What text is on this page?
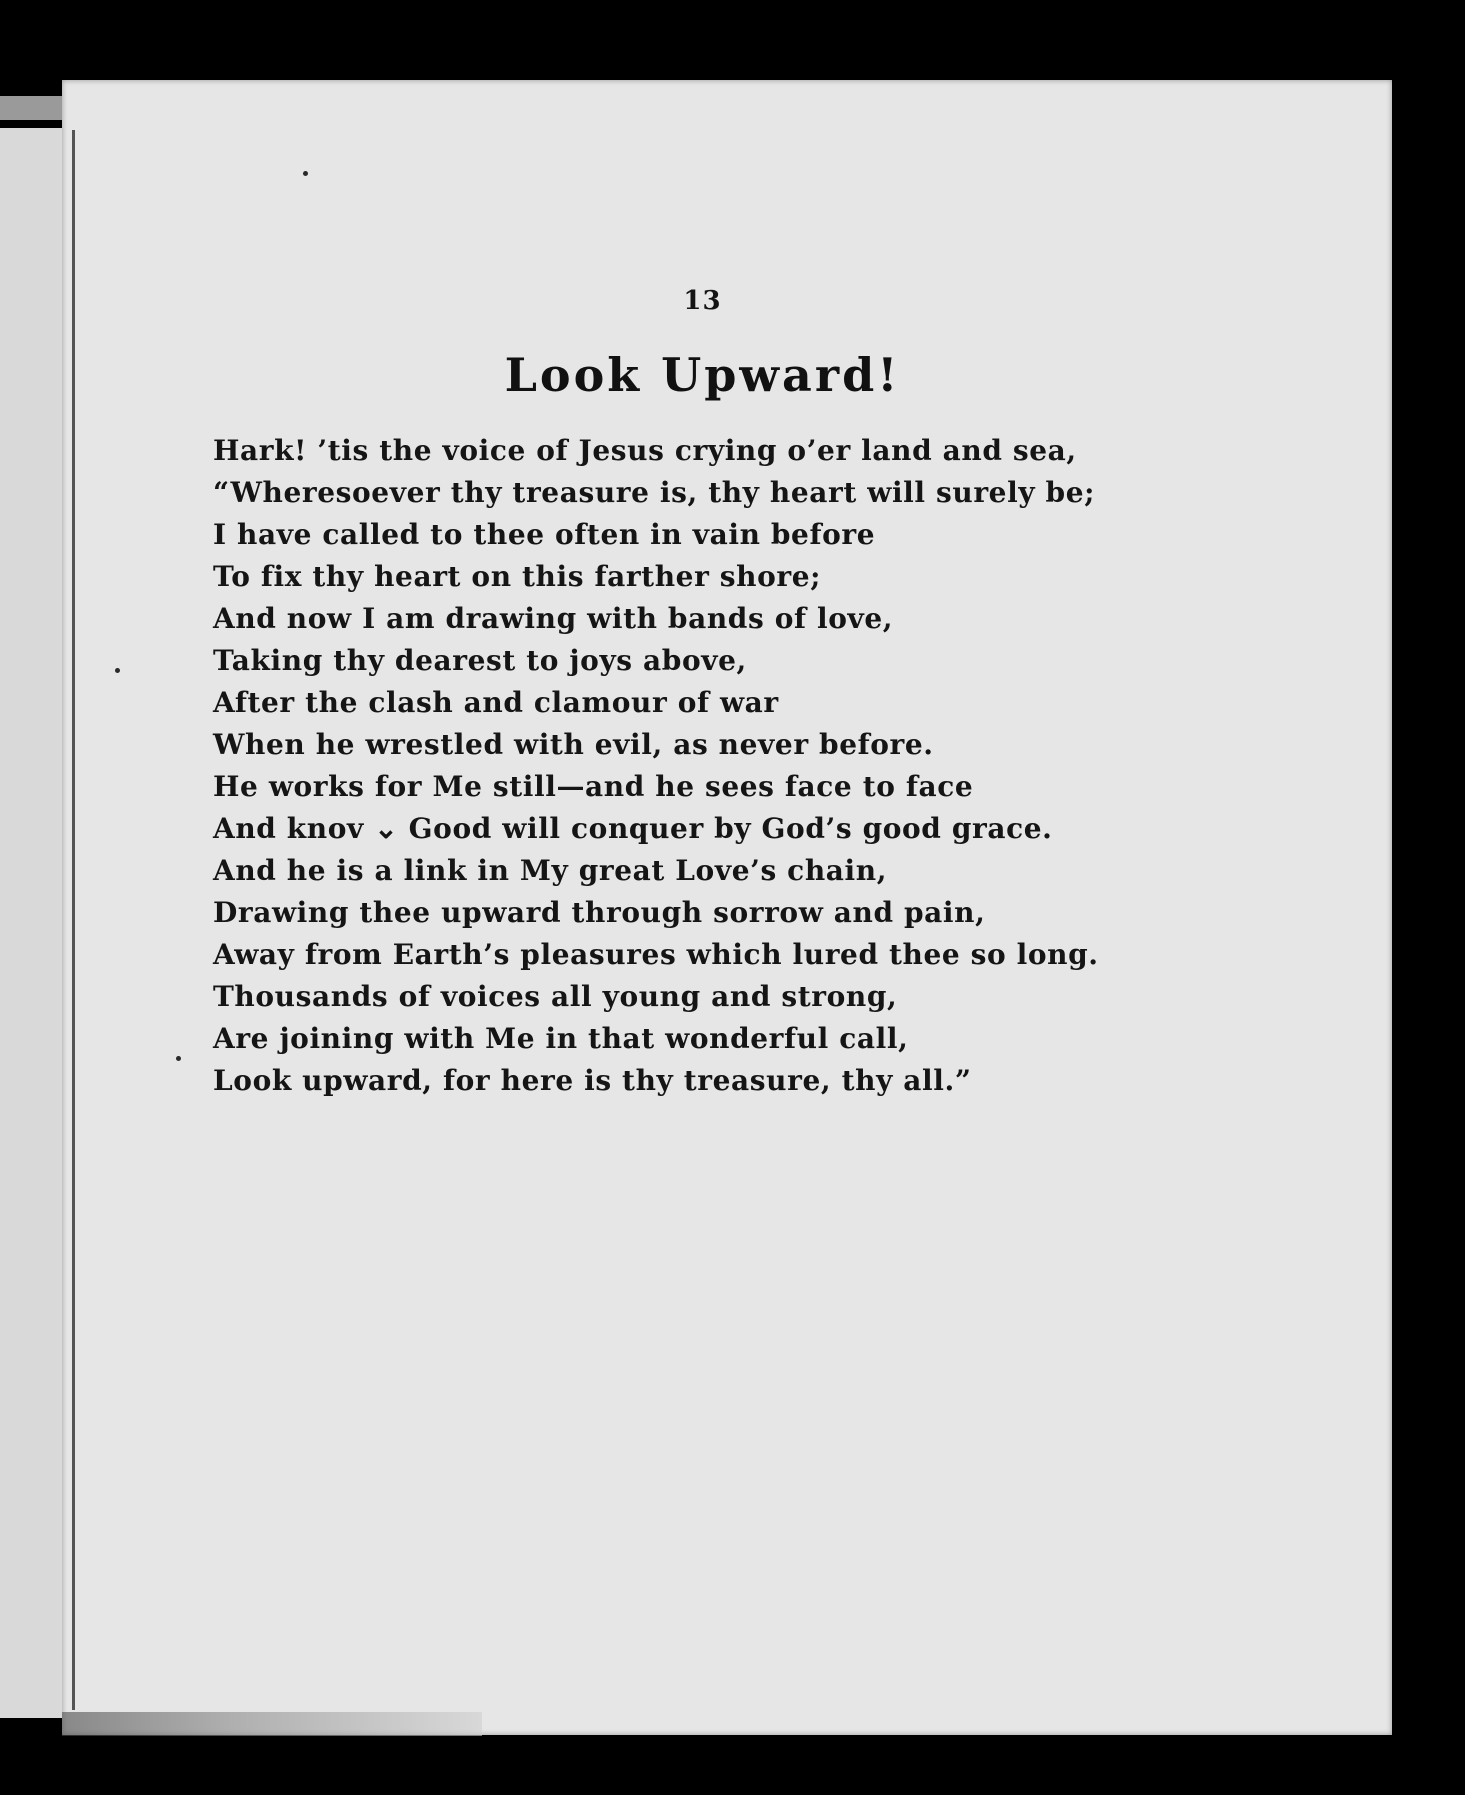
13
Look Upward!
Hark! ’tis the voice of Jesus crying o’er land and sea,
“Wheresoever thy treasure is, thy heart will surely be;
I have called to thee often in vain before
To fix thy heart on this farther shore;
And now I am drawing with bands of love,
Taking thy dearest to joys above,
After the clash and clamour of war
When he wrestled with evil, as never before.
He works for Me still—and he sees face to face
And knov ⌄ Good will conquer by God’s good grace.
And he is a link in My great Love’s chain,
Drawing thee upward through sorrow and pain,
Away from Earth’s pleasures which lured thee so long.
Thousands of voices all young and strong,
Are joining with Me in that wonderful call,
Look upward, for here is thy treasure, thy all.”
